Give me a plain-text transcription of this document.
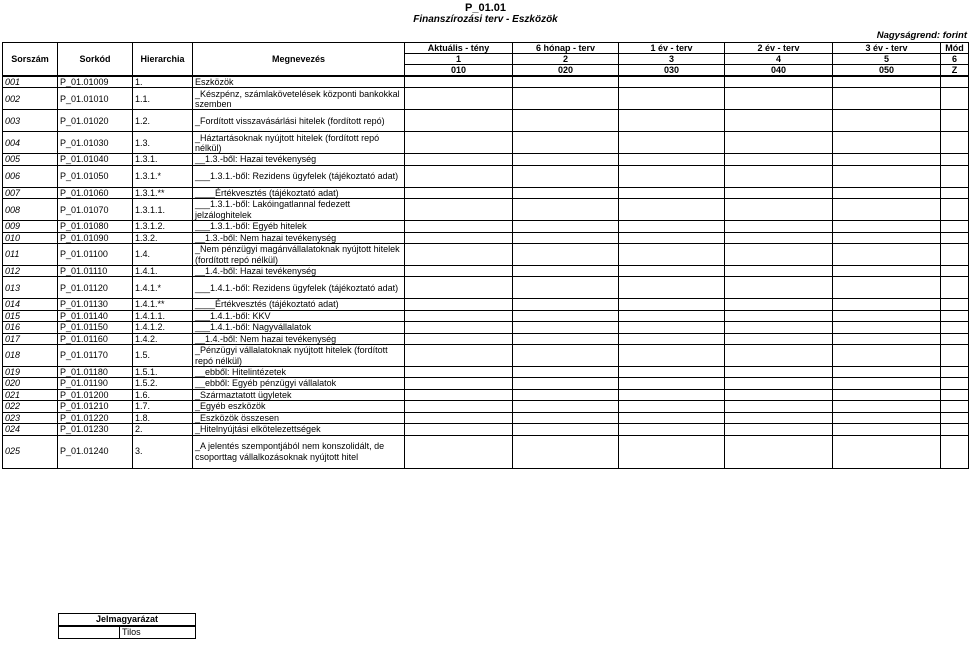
P_01.01
Finanszírozási terv - Eszközök
Nagyságrend: forint
Sorszám	Sorkód	Hierarchia	Megnevezés	Aktuális - tény	6 hónap - terv	1 év - terv	2 év - terv	3 év - terv	Mód
				1	2	3	4	5	6
				010	020	030	040	050	Z
001	P_01.01009	1.	Eszközök						
002	P_01.01010	1.1.	_Készpénz, számlakövetelések központi bankokkal szemben						
003	P_01.01020	1.2.	_Fordított visszavásárlási hitelek (fordított repó)						
004	P_01.01030	1.3.	_Háztartásoknak nyújtott hitelek (fordított repó nélkül)						
005	P_01.01040	1.3.1.	__1.3.-ből: Hazai tevékenység						
006	P_01.01050	1.3.1.*	___1.3.1.-ből: Rezidens ügyfelek (tájékoztató adat)						
007	P_01.01060	1.3.1.**	____Értékvesztés (tájékoztató adat)						
008	P_01.01070	1.3.1.1.	___1.3.1.-ből: Lakóingatlannal fedezett jelzáloghitelek						
009	P_01.01080	1.3.1.2.	___1.3.1.-ből: Egyéb hitelek						
010	P_01.01090	1.3.2.	__1.3.-ből: Nem hazai tevékenység						
011	P_01.01100	1.4.	_Nem pénzügyi magánvállalatoknak nyújtott hitelek (fordított repó nélkül)						
012	P_01.01110	1.4.1.	__1.4.-ből: Hazai tevékenység						
013	P_01.01120	1.4.1.*	___1.4.1.-ből: Rezidens ügyfelek (tájékoztató adat)						
014	P_01.01130	1.4.1.**	____Értékvesztés (tájékoztató adat)						
015	P_01.01140	1.4.1.1.	___1.4.1.-ből: KKV						
016	P_01.01150	1.4.1.2.	___1.4.1.-ből: Nagyvállalatok						
017	P_01.01160	1.4.2.	__1.4.-ből: Nem hazai tevékenység						
018	P_01.01170	1.5.	_Pénzügyi vállalatoknak nyújtott hitelek (fordított repó nélkül)						
019	P_01.01180	1.5.1.	__ebből: Hitelintézetek						
020	P_01.01190	1.5.2.	__ebből: Egyéb pénzügyi vállalatok						
021	P_01.01200	1.6.	_Származtatott ügyletek						
022	P_01.01210	1.7.	_Egyéb eszközök						
023	P_01.01220	1.8.	_Eszközök összesen						
024	P_01.01230	2.	_Hitelnyújtási elkötelezettségek						
025	P_01.01240	3.	_A jelentés szempontjából nem konszolidált, de csoporttag vállalkozásoknak nyújtott hitel						
Jelmagyarázat
	Tilos
